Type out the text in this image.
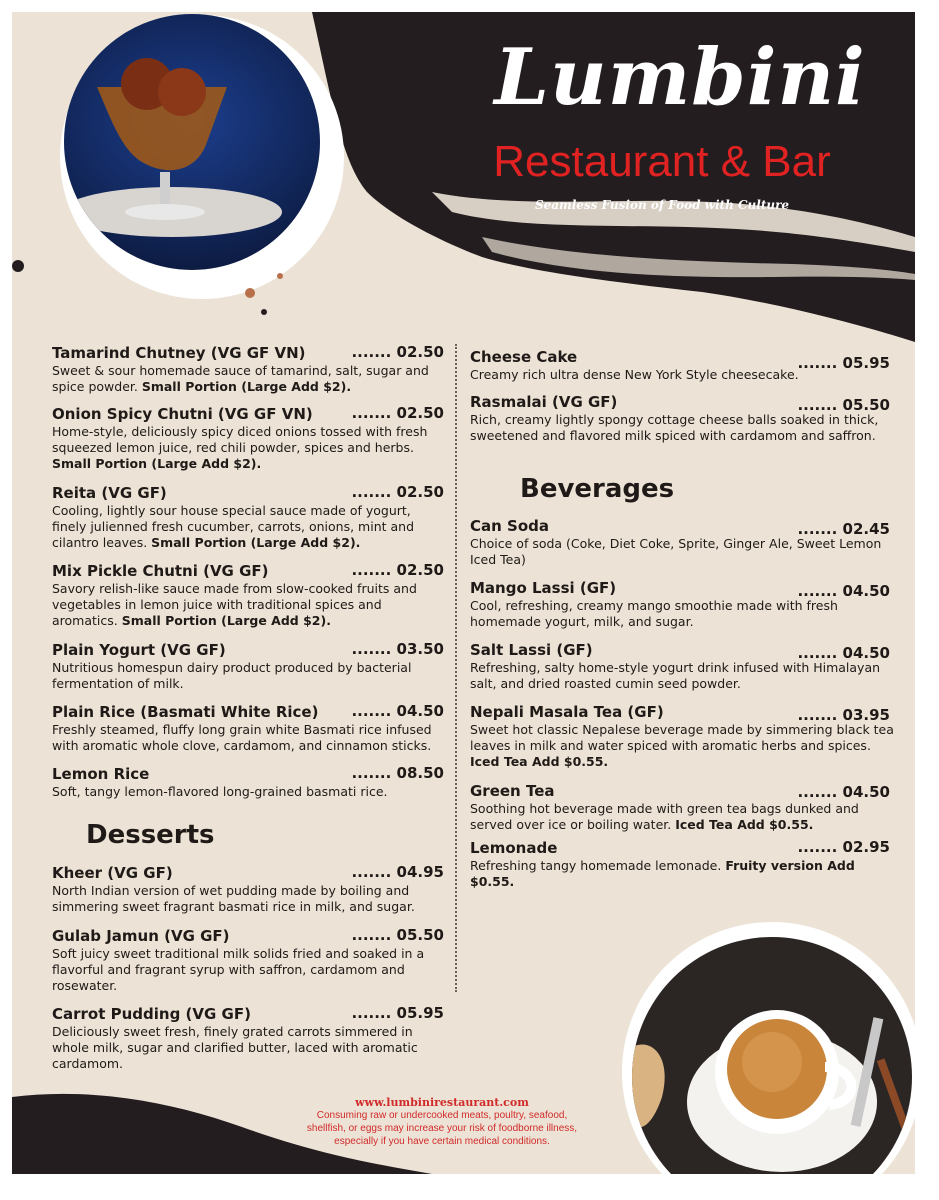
Lumbini
Restaurant & Bar
Seamless Fusion of Food with Culture
Tamarind Chutney (VG GF VN)	....... 02.50
Sweet & sour homemade sauce of tamarind, salt, sugar and spice powder. Small Portion (Large Add $2).
Onion Spicy Chutni (VG GF VN)	....... 02.50
Home-style, deliciously spicy diced onions tossed with fresh squeezed lemon juice, red chili powder, spices and herbs. Small Portion (Large Add $2).
Reita (VG GF)	....... 02.50
Cooling, lightly sour house special sauce made of yogurt, finely julienned fresh cucumber, carrots, onions, mint and cilantro leaves. Small Portion (Large Add $2).
Mix Pickle Chutni (VG GF)	....... 02.50
Savory relish-like sauce made from slow-cooked fruits and vegetables in lemon juice with traditional spices and aromatics. Small Portion (Large Add $2).
Plain Yogurt (VG GF)	....... 03.50
Nutritious homespun dairy product produced by bacterial fermentation of milk.
Plain Rice (Basmati White Rice) ....... 04.50
Freshly steamed, fluffy long grain white Basmati rice infused with aromatic whole clove, cardamom, and cinnamon sticks.
Lemon Rice	....... 08.50
Soft, tangy lemon-flavored long-grained basmati rice.
Desserts
Kheer (VG GF)	....... 04.95
North Indian version of wet pudding made by boiling and simmering sweet fragrant basmati rice in milk, and sugar.
Gulab Jamun (VG GF)	....... 05.50
Soft juicy sweet traditional milk solids fried and soaked in a flavorful and fragrant syrup with saffron, cardamom and rosewater.
Carrot Pudding (VG GF)	....... 05.95
Deliciously sweet fresh, finely grated carrots simmered in whole milk, sugar and clarified butter, laced with aromatic cardamom.
Cheese Cake	....... 05.95
Creamy rich ultra dense New York Style cheesecake.
Rasmalai (VG GF)	....... 05.50
Rich, creamy lightly spongy cottage cheese balls soaked in thick, sweetened and flavored milk spiced with cardamom and saffron.
Beverages
Can Soda	....... 02.45
Choice of soda (Coke, Diet Coke, Sprite, Ginger Ale, Sweet Lemon Iced Tea)
Mango Lassi (GF)	....... 04.50
Cool, refreshing, creamy mango smoothie made with fresh homemade yogurt, milk, and sugar.
Salt Lassi (GF)	....... 04.50
Refreshing, salty home-style yogurt drink infused with Himalayan salt, and dried roasted cumin seed powder.
Nepali Masala Tea (GF)	....... 03.95
Sweet hot classic Nepalese beverage made by simmering black tea leaves in milk and water spiced with aromatic herbs and spices. Iced Tea Add $0.55.
Green Tea	....... 04.50
Soothing hot beverage made with green tea bags dunked and served over ice or boiling water. Iced Tea Add $0.55.
Lemonade	....... 02.95
Refreshing tangy homemade lemonade. Fruity version Add $0.55.
www.lumbinirestaurant.com
Consuming raw or undercooked meats, poultry, seafood, shellfish, or eggs may increase your risk of foodborne illness, especially if you have certain medical conditions.
